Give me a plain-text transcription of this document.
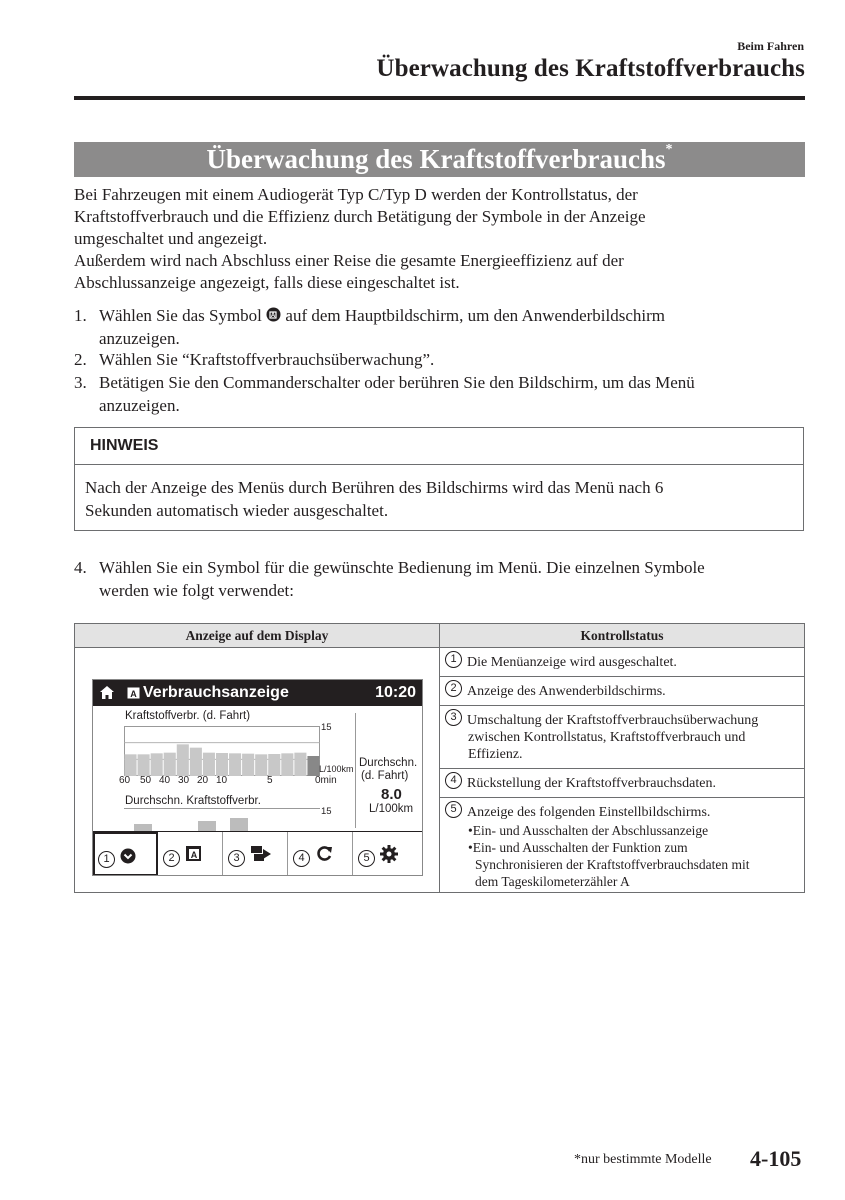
Beim Fahren
Überwachung des Kraftstoffverbrauchs
Überwachung des Kraftstoffverbrauchs*
Bei Fahrzeugen mit einem Audiogerät Typ C/Typ D werden der Kontrollstatus, der
Kraftstoffverbrauch und die Effizienz durch Betätigung der Symbole in der Anzeige
umgeschaltet und angezeigt.
Außerdem wird nach Abschluss einer Reise die gesamte Energieeffizienz auf der
Abschlussanzeige angezeigt, falls diese eingeschaltet ist.
1. Wählen Sie das Symbol A auf dem Hauptbildschirm, um den Anwenderbildschirm
anzuzeigen.
2. Wählen Sie “Kraftstoffverbrauchsüberwachung”.
3. Betätigen Sie den Commanderschalter oder berühren Sie den Bildschirm, um das Menü
anzuzeigen.
HINWEIS
Nach der Anzeige des Menüs durch Berühren des Bildschirms wird das Menü nach 6
Sekunden automatisch wieder ausgeschaltet.
4. Wählen Sie ein Symbol für die gewünschte Bedienung im Menü. Die einzelnen Symbole
werden wie folgt verwendet:
Anzeige auf dem Display	Kontrollstatus
1 Die Menüanzeige wird ausgeschaltet.
2 Anzeige des Anwenderbildschirms.
3 Umschaltung der Kraftstoffverbrauchsüberwachung
zwischen Kontrollstatus, Kraftstoffverbrauch und
Effizienz.
4 Rückstellung der Kraftstoffverbrauchsdaten.
5 Anzeige des folgenden Einstellbildschirms.
•Ein- und Ausschalten der Abschlussanzeige
•Ein- und Ausschalten der Funktion zum
Synchronisieren der Kraftstoffverbrauchsdaten mit
dem Tageskilometerzähler A
A Verbrauchsanzeige	10:20
Kraftstoffverbr. (d. Fahrt)
15
L/100km
60 50 40 30 20 10	5	0min
Durchschn.
(d. Fahrt)
8.0
L/100km
Durchschn. Kraftstoffverbr.
15
1	2	A	3	4	5
*nur bestimmte Modelle 4-105
